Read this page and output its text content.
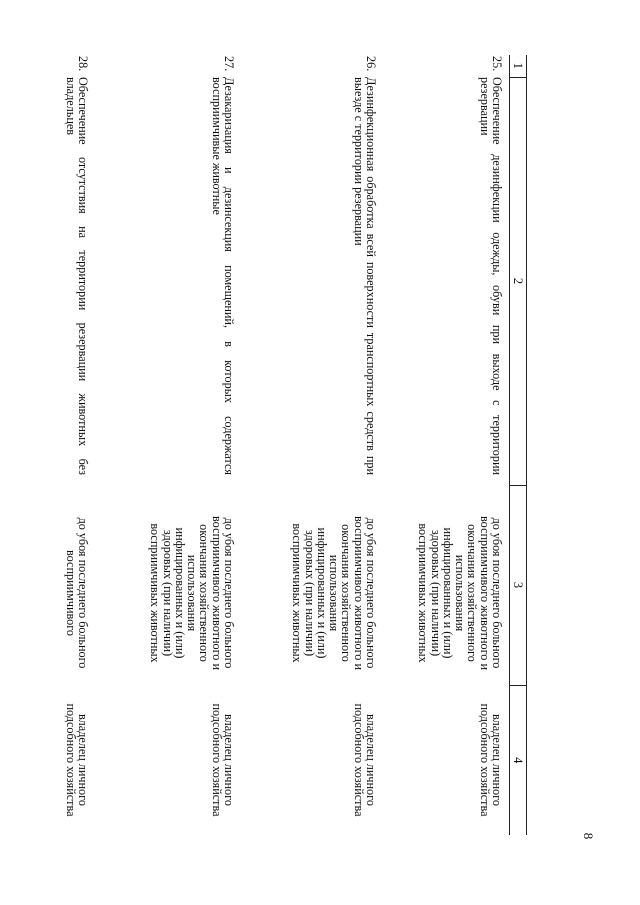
8
1	2	3	4
25.	Обеспечение дезинфекции одежды, обуви при выходе с территории резервации	до убоя последнего больного восприимчивого животного и окончания хозяйственного использования инфицированных и (или) здоровых (при наличии) восприимчивых животных	владелец личного подсобного хозяйства
26.	Дезинфекционная обработка всей поверхности транспортных средств при выезде с территории резервации	до убоя последнего больного восприимчивого животного и окончания хозяйственного использования инфицированных и (или) здоровых (при наличии) восприимчивых животных	владелец личного подсобного хозяйства
27.	Дезакаризация и дезинсекция помещений, в которых содержатся восприимчивые животные	до убоя последнего больного восприимчивого животного и окончания хозяйственного использования инфицированных и (или) здоровых (при наличии) восприимчивых животных	владелец личного подсобного хозяйства
28.	Обеспечение отсутствия на территории резервации животных без владельцев	до убоя последнего больного восприимчивого	владелец личного подсобного хозяйства
